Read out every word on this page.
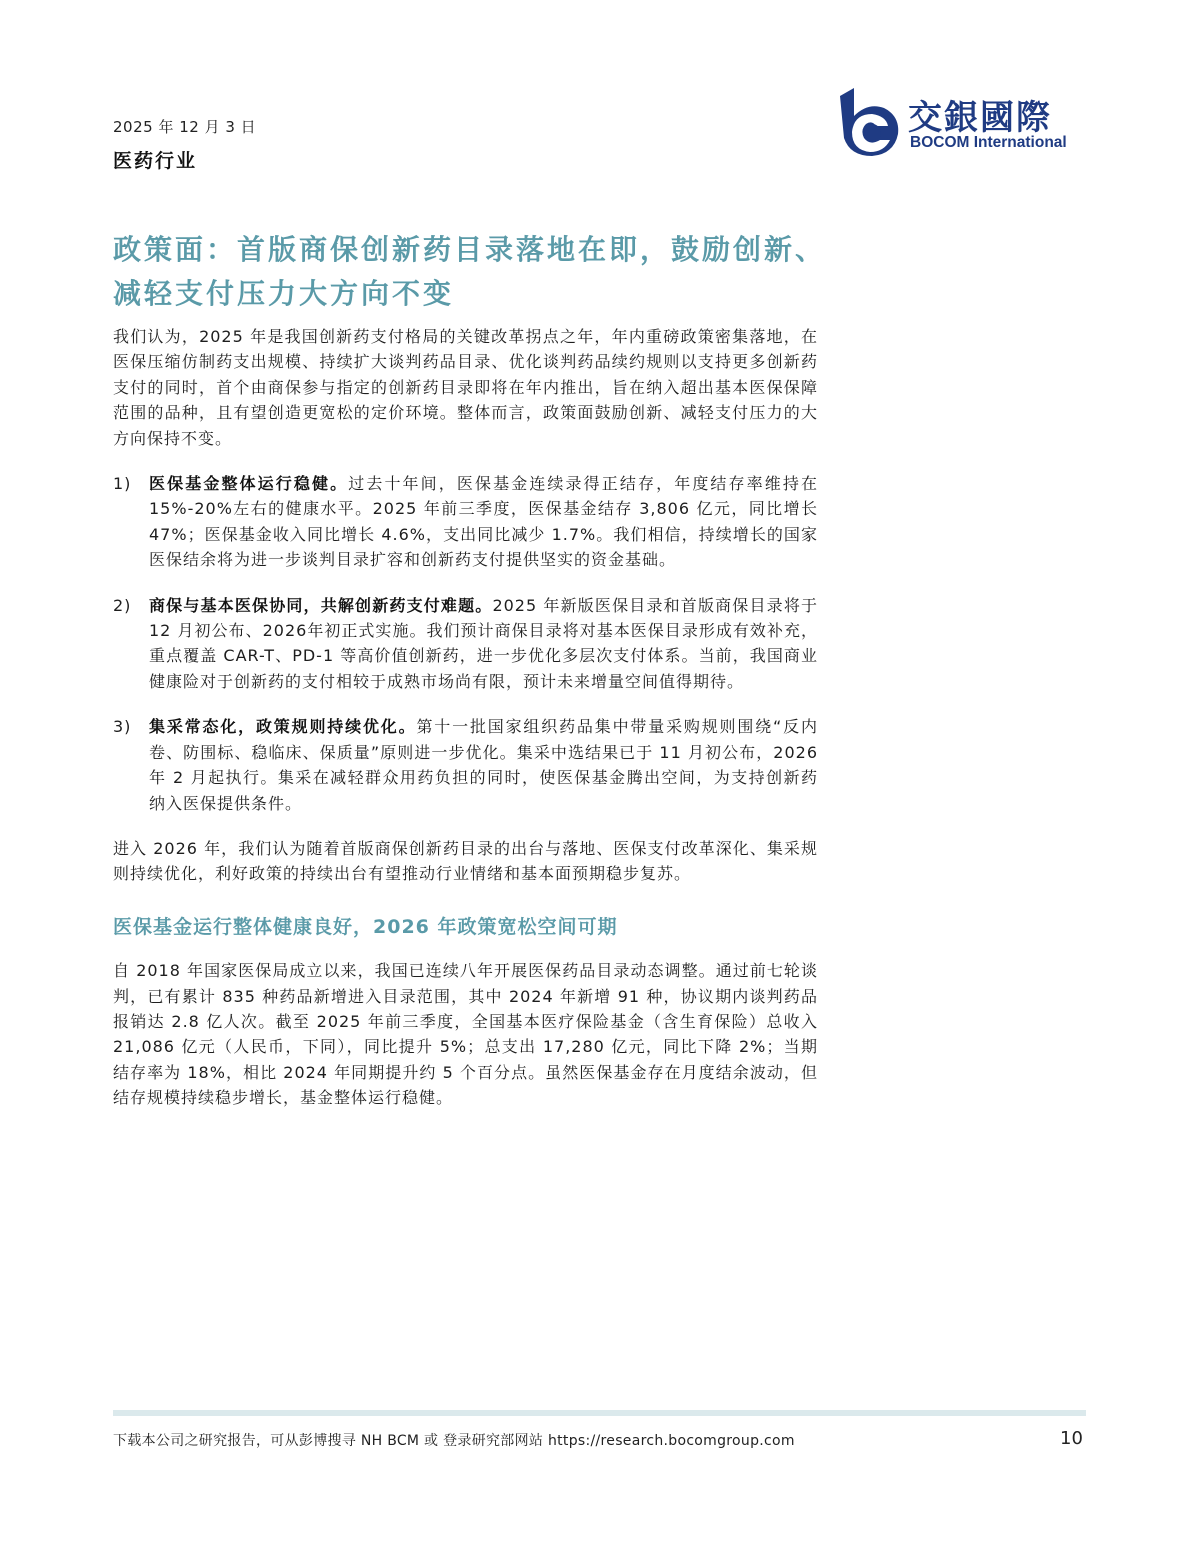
2025 年 12 月 3 日
医药行业
交銀國際
BOCOM International
政策面：首版商保创新药目录落地在即，鼓励创新、减轻支付压力大方向不变

我们认为，2025 年是我国创新药支付格局的关键改革拐点之年，年内重磅政策密集落地，在医保压缩仿制药支出规模、持续扩大谈判药品目录、优化谈判药品续约规则以支持更多创新药支付的同时，首个由商保参与指定的创新药目录即将在年内推出，旨在纳入超出基本医保保障范围的品种，且有望创造更宽松的定价环境。整体而言，政策面鼓励创新、减轻支付压力的大方向保持不变。

1)	医保基金整体运行稳健。过去十年间，医保基金连续录得正结存，年度结存率维持在 15%-20%左右的健康水平。2025 年前三季度，医保基金结存 3,806 亿元，同比增长 47%；医保基金收入同比增长 4.6%，支出同比减少 1.7%。我们相信，持续增长的国家医保结余将为进一步谈判目录扩容和创新药支付提供坚实的资金基础。
2)	商保与基本医保协同，共解创新药支付难题。2025 年新版医保目录和首版商保目录将于 12 月初公布、2026年初正式实施。我们预计商保目录将对基本医保目录形成有效补充，重点覆盖 CAR-T、PD-1 等高价值创新药，进一步优化多层次支付体系。当前，我国商业健康险对于创新药的支付相较于成熟市场尚有限，预计未来增量空间值得期待。
3)	集采常态化，政策规则持续优化。第十一批国家组织药品集中带量采购规则围绕“反内卷、防围标、稳临床、保质量”原则进一步优化。集采中选结果已于 11 月初公布，2026 年 2 月起执行。集采在减轻群众用药负担的同时，使医保基金腾出空间，为支持创新药纳入医保提供条件。

进入 2026 年，我们认为随着首版商保创新药目录的出台与落地、医保支付改革深化、集采规则持续优化，利好政策的持续出台有望推动行业情绪和基本面预期稳步复苏。

医保基金运行整体健康良好，2026 年政策宽松空间可期

自 2018 年国家医保局成立以来，我国已连续八年开展医保药品目录动态调整。通过前七轮谈判，已有累计 835 种药品新增进入目录范围，其中 2024 年新增 91 种，协议期内谈判药品报销达 2.8 亿人次。截至 2025 年前三季度，全国基本医疗保险基金（含生育保险）总收入 21,086 亿元（人民币，下同），同比提升 5%；总支出 17,280 亿元，同比下降 2%；当期结存率为 18%，相比 2024 年同期提升约 5 个百分点。虽然医保基金存在月度结余波动，但结存规模持续稳步增长，基金整体运行稳健。

下载本公司之研究报告，可从彭博搜寻 NH BCM 或 登录研究部网站 https://research.bocomgroup.com	10
